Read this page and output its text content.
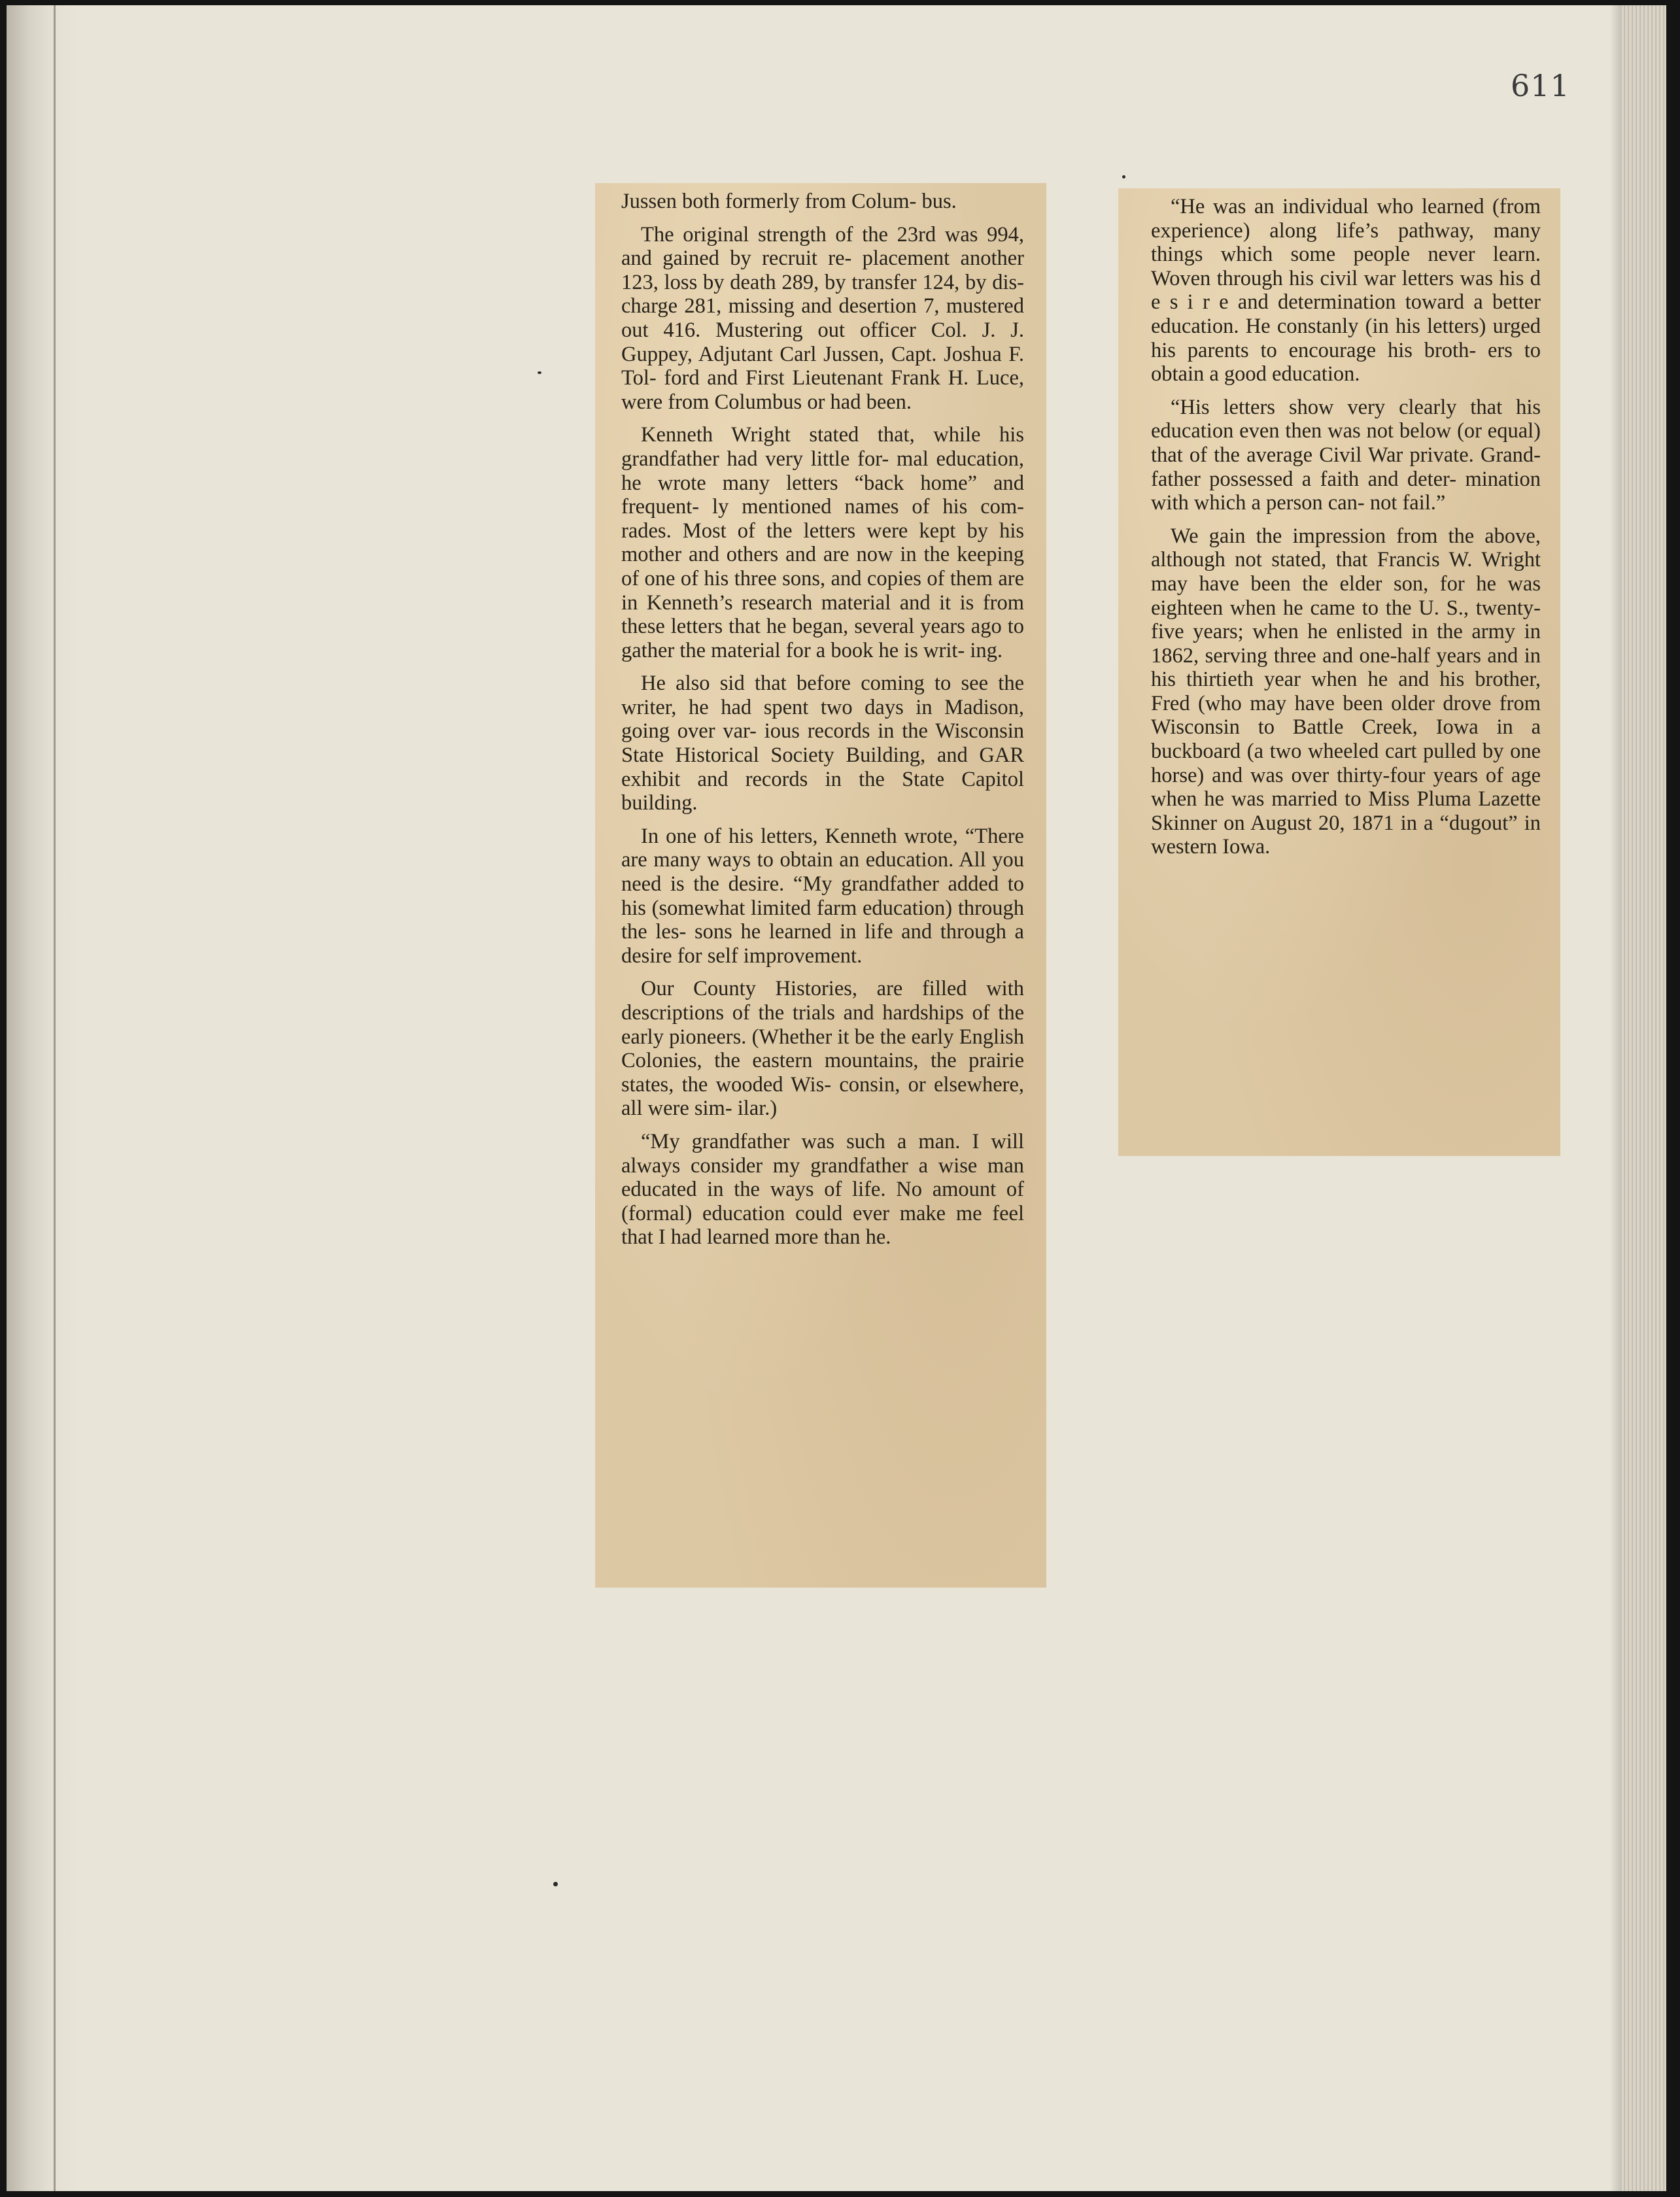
611

Jussen both formerly from Colum- bus.

The original strength of the 23rd was 994, and gained by recruit re- placement another 123, loss by death 289, by transfer 124, by dis- charge 281, missing and desertion 7, mustered out 416. Mustering out officer Col. J. J. Guppey, Adjutant Carl Jussen, Capt. Joshua F. Tol- ford and First Lieutenant Frank H. Luce, were from Columbus or had been.

Kenneth Wright stated that, while his grandfather had very little for- mal education, he wrote many letters “back home” and frequent- ly mentioned names of his com- rades. Most of the letters were kept by his mother and others and are now in the keeping of one of his three sons, and copies of them are in Kenneth’s research material and it is from these letters that he began, several years ago to gather the material for a book he is writ- ing.

He also sid that before coming to see the writer, he had spent two days in Madison, going over var- ious records in the Wisconsin State Historical Society Building, and GAR exhibit and records in the State Capitol building.

In one of his letters, Kenneth wrote, “There are many ways to obtain an education. All you need is the desire. “My grandfather added to his (somewhat limited farm education) through the les- sons he learned in life and through a desire for self improvement.

Our County Histories, are filled with descriptions of the trials and hardships of the early pioneers. (Whether it be the early English Colonies, the eastern mountains, the prairie states, the wooded Wis- consin, or elsewhere, all were sim- ilar.)

“My grandfather was such a man. I will always consider my grandfather a wise man educated in the ways of life. No amount of (formal) education could ever make me feel that I had learned more than he.

“He was an individual who learned (from experience) along life’s pathway, many things which some people never learn. Woven through his civil war letters was his d e s i r e and determination toward a better education. He constanly (in his letters) urged his parents to encourage his broth- ers to obtain a good education.

“His letters show very clearly that his education even then was not below (or equal) that of the average Civil War private. Grand- father possessed a faith and deter- mination with which a person can- not fail.”

We gain the impression from the above, although not stated, that Francis W. Wright may have been the elder son, for he was eighteen when he came to the U. S., twenty- five years; when he enlisted in the army in 1862, serving three and one-half years and in his thirtieth year when he and his brother, Fred (who may have been older drove from Wisconsin to Battle Creek, Iowa in a buckboard (a two wheeled cart pulled by one horse) and was over thirty-four years of age when he was married to Miss Pluma Lazette Skinner on August 20, 1871 in a “dugout” in western Iowa.
